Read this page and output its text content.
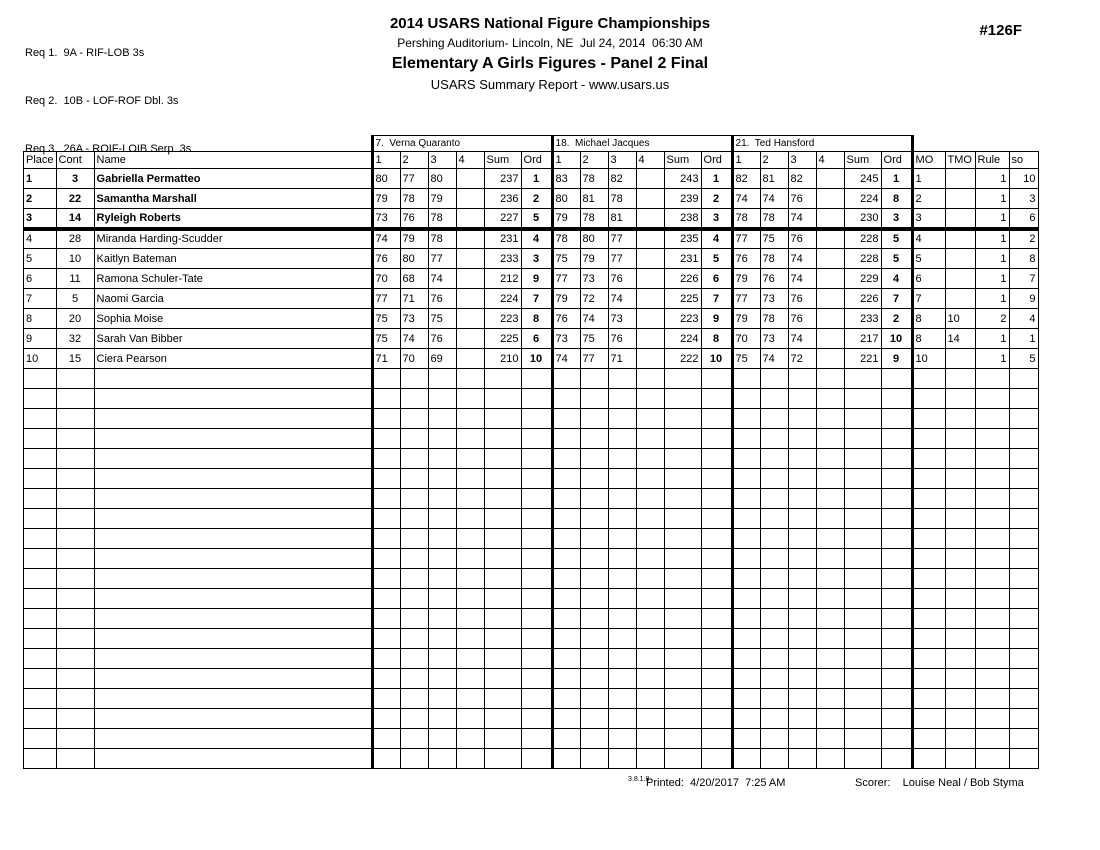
Req 1.  9A - RIF-LOB 3s

Req 2.  10B - LOF-ROF Dbl. 3s

Req 3.  26A - ROIF-LOIB Serp. 3s

2014 USARS National Figure Championships
Pershing Auditorium- Lincoln, NE  Jul 24, 2014  06:30 AM
Elementary A Girls Figures - Panel 2 Final
USARS Summary Report - www.usars.us
#126F
			7.  Verna Quaranto						18.  Michael Jacques						21.  Ted Hansford									
Place	Cont	Name	1	2	3	4	Sum	Ord	1	2	3	4	Sum	Ord	1	2	3	4	Sum	Ord	MO	TMO	Rule	so
1	3	Gabriella Permatteo	80	77	80		237	1	83	78	82		243	1	82	81	82		245	1	1		1	10
2	22	Samantha Marshall	79	78	79		236	2	80	81	78		239	2	74	74	76		224	8	2		1	3
3	14	Ryleigh Roberts	73	76	78		227	5	79	78	81		238	3	78	78	74		230	3	3		1	6
4	28	Miranda Harding-Scudder	74	79	78		231	4	78	80	77		235	4	77	75	76		228	5	4		1	2
5	10	Kaitlyn Bateman	76	80	77		233	3	75	79	77		231	5	76	78	74		228	5	5		1	8
6	11	Ramona Schuler-Tate	70	68	74		212	9	77	73	76		226	6	79	76	74		229	4	6		1	7
7	5	Naomi Garcia	77	71	76		224	7	79	72	74		225	7	77	73	76		226	7	7		1	9
8	20	Sophia Moise	75	73	75		223	8	76	74	73		223	9	79	78	76		233	2	8	10	2	4
9	32	Sarah Van Bibber	75	74	76		225	6	73	75	76		224	8	70	73	74		217	10	8	14	1	1
10	15	Ciera Pearson	71	70	69		210	10	74	77	71		222	10	75	74	72		221	9	10		1	5

3.8.1.8
Printed:  4/20/2017  7:25 AM	Scorer:    Louise Neal / Bob Styma
